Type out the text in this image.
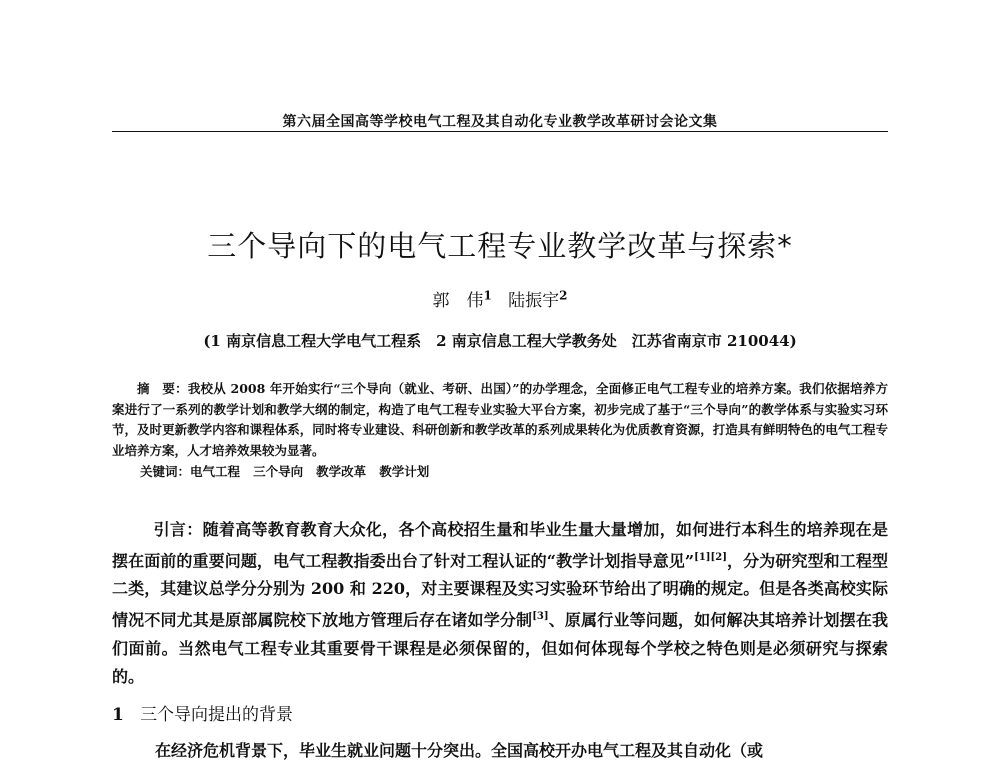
第六届全国高等学校电气工程及其自动化专业教学改革研讨会论文集
三个导向下的电气工程专业教学改革与探索*
郭　伟$^1$ 陆振宇$^2$
(1 南京信息工程大学电气工程系　2 南京信息工程大学教务处　江苏省南京市 210044)
摘　要：我校从 2008 年开始实行“三个导向（就业、考研、出国）”的办学理念，全面修正电气工程专业的培养方案。我们依据培养方案进行了一系列的教学计划和教学大纲的制定，构造了电气工程专业实验大平台方案，初步完成了基于“三个导向”的教学体系与实验实习环节，及时更新教学内容和课程体系，同时将专业建设、科研创新和教学改革的系列成果转化为优质教育资源，打造具有鲜明特色的电气工程专业培养方案，人才培养效果较为显著。
关键词：电气工程 三个导向 教学改革 教学计划
引言：随着高等教育教育大众化，各个高校招生量和毕业生量大量增加，如何进行本科生的培养现在是摆在面前的重要问题，电气工程教指委出台了针对工程认证的“教学计划指导意见”[1][2]，分为研究型和工程型二类，其建议总学分分别为 200 和 220，对主要课程及实习实验环节给出了明确的规定。但是各类高校实际情况不同尤其是原部属院校下放地方管理后存在诸如学分制[3]、原属行业等问题，如何解决其培养计划摆在我们面前。当然电气工程专业其重要骨干课程是必须保留的，但如何体现每个学校之特色则是必须研究与探索的。
1 三个导向提出的背景
在经济危机背景下，毕业生就业问题十分突出。全国高校开办电气工程及其自动化（或
